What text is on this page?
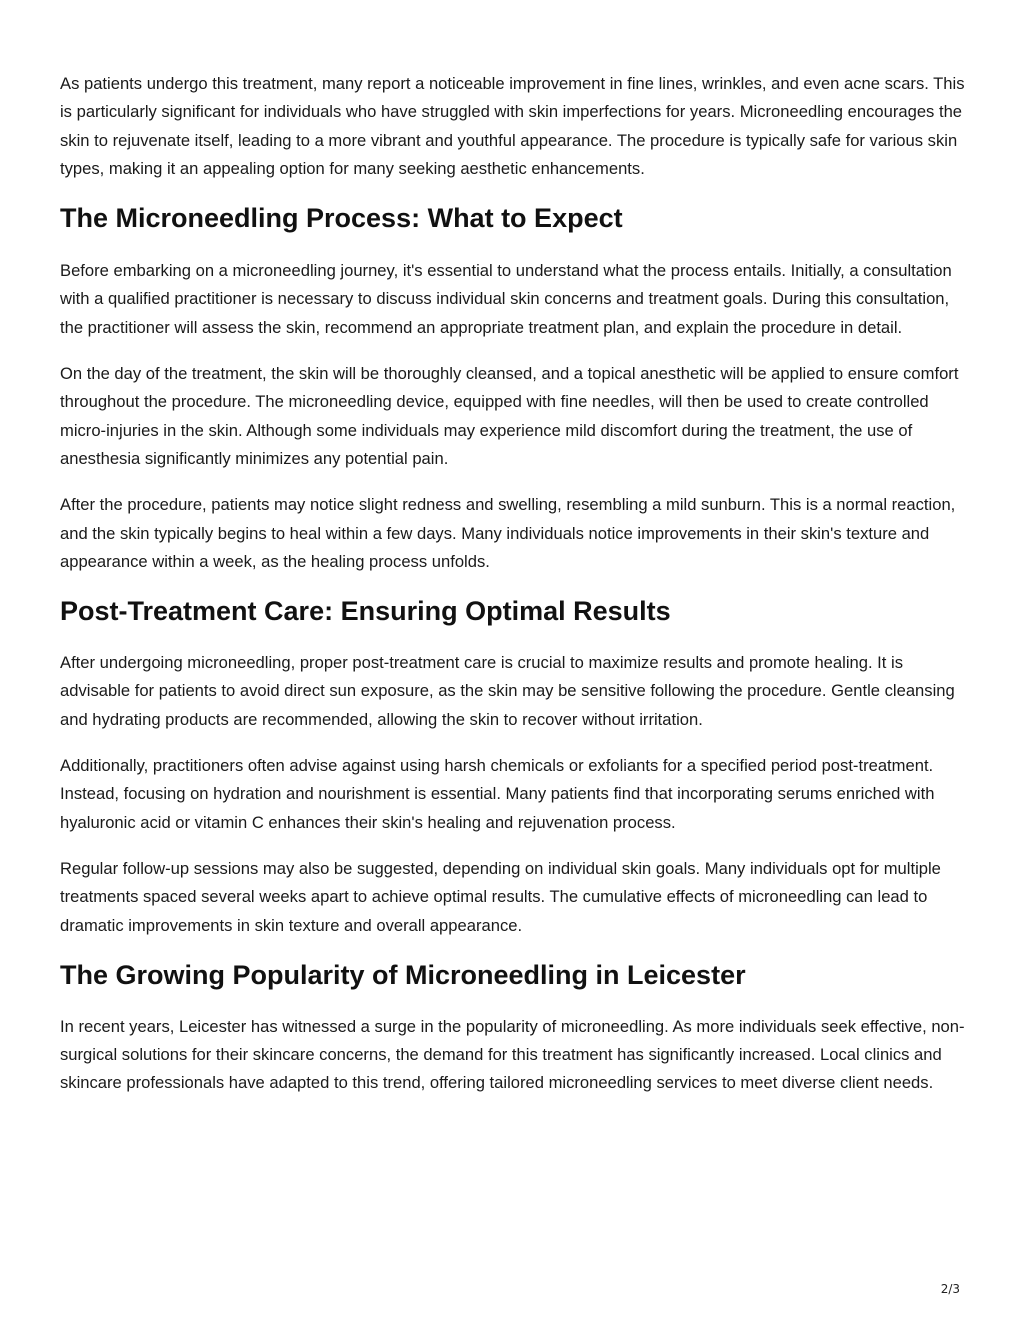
As patients undergo this treatment, many report a noticeable improvement in fine lines, wrinkles, and even acne scars. This is particularly significant for individuals who have struggled with skin imperfections for years. Microneedling encourages the skin to rejuvenate itself, leading to a more vibrant and youthful appearance. The procedure is typically safe for various skin types, making it an appealing option for many seeking aesthetic enhancements.

The Microneedling Process: What to Expect

Before embarking on a microneedling journey, it's essential to understand what the process entails. Initially, a consultation with a qualified practitioner is necessary to discuss individual skin concerns and treatment goals. During this consultation, the practitioner will assess the skin, recommend an appropriate treatment plan, and explain the procedure in detail.

On the day of the treatment, the skin will be thoroughly cleansed, and a topical anesthetic will be applied to ensure comfort throughout the procedure. The microneedling device, equipped with fine needles, will then be used to create controlled micro-injuries in the skin. Although some individuals may experience mild discomfort during the treatment, the use of anesthesia significantly minimizes any potential pain.

After the procedure, patients may notice slight redness and swelling, resembling a mild sunburn. This is a normal reaction, and the skin typically begins to heal within a few days. Many individuals notice improvements in their skin's texture and appearance within a week, as the healing process unfolds.

Post-Treatment Care: Ensuring Optimal Results

After undergoing microneedling, proper post-treatment care is crucial to maximize results and promote healing. It is advisable for patients to avoid direct sun exposure, as the skin may be sensitive following the procedure. Gentle cleansing and hydrating products are recommended, allowing the skin to recover without irritation.

Additionally, practitioners often advise against using harsh chemicals or exfoliants for a specified period post-treatment. Instead, focusing on hydration and nourishment is essential. Many patients find that incorporating serums enriched with hyaluronic acid or vitamin C enhances their skin's healing and rejuvenation process.

Regular follow-up sessions may also be suggested, depending on individual skin goals. Many individuals opt for multiple treatments spaced several weeks apart to achieve optimal results. The cumulative effects of microneedling can lead to dramatic improvements in skin texture and overall appearance.

The Growing Popularity of Microneedling in Leicester

In recent years, Leicester has witnessed a surge in the popularity of microneedling. As more individuals seek effective, non-surgical solutions for their skincare concerns, the demand for this treatment has significantly increased. Local clinics and skincare professionals have adapted to this trend, offering tailored microneedling services to meet diverse client needs.

2/3
